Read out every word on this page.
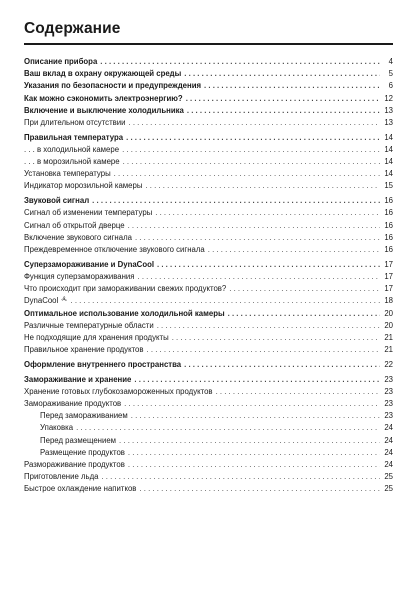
Содержание
Описание прибора . . .	4
Ваш вклад в охрану окружающей среды . . .	5
Указания по безопасности и предупреждения . . .	6
Как можно сэкономить электроэнергию? . . .	12
Включение и выключение холодильника . . .	13
При длительном отсутствии . . .	13
Правильная температура . . .	14
. . . в холодильной камере . . .	14
. . . в морозильной камере . . .	14
Установка температуры . . .	14
Индикатор морозильной камеры . . .	15
Звуковой сигнал . . .	16
Сигнал об изменении температуры . . .	16
Сигнал об открытой дверце . . .	16
Включение звукового сигнала . . .	16
Преждевременное отключение звукового сигнала . . .	16
Суперзамораживание и DynaCool . . .	17
Функция суперзамораживания . . .	17
Что происходит при замораживании свежих продуктов? . . .	17
DynaCool . . .	18
Оптимальное использование холодильной камеры . . .	20
Различные температурные области . . .	20
Не подходящие для хранения продукты . . .	21
Правильное хранение продуктов . . .	21
Оформление внутреннего пространства . . .	22
Замораживание и хранение . . .	23
Хранение готовых глубокозамороженных продуктов . . .	23
Замораживание продуктов . . .	23
Перед замораживанием . . .	23
Упаковка . . .	24
Перед размещением . . .	24
Размещение продуктов . . .	24
Размораживание продуктов . . .	24
Приготовление льда . . .	25
Быстрое охлаждение напитков . . .	25
